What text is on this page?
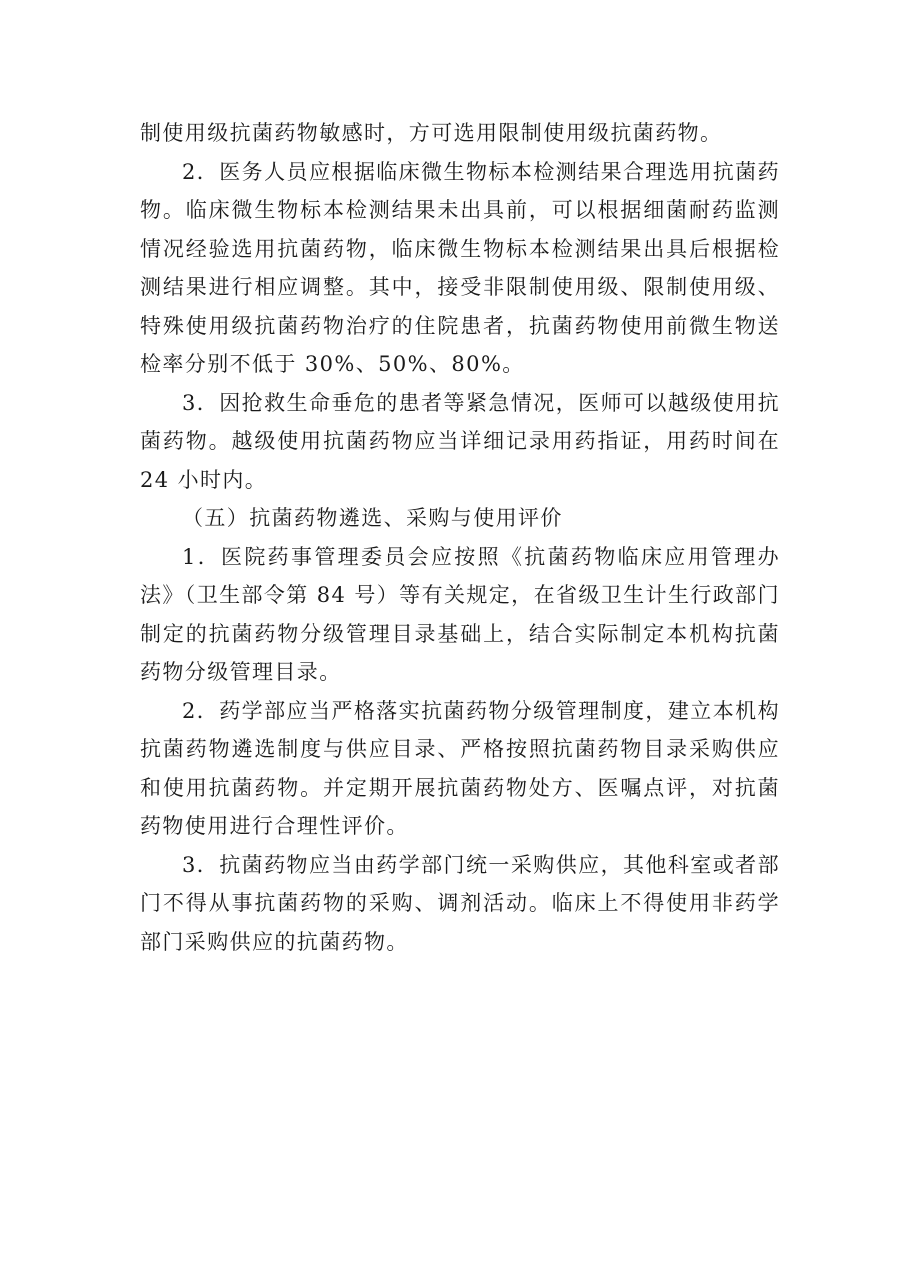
制使用级抗菌药物敏感时，方可选用限制使用级抗菌药物。

2．医务人员应根据临床微生物标本检测结果合理选用抗菌药物。临床微生物标本检测结果未出具前，可以根据细菌耐药监测情况经验选用抗菌药物，临床微生物标本检测结果出具后根据检测结果进行相应调整。其中，接受非限制使用级、限制使用级、特殊使用级抗菌药物治疗的住院患者，抗菌药物使用前微生物送检率分别不低于 30%、50%、80%。

3．因抢救生命垂危的患者等紧急情况，医师可以越级使用抗菌药物。越级使用抗菌药物应当详细记录用药指证，用药时间在 24 小时内。

（五）抗菌药物遴选、采购与使用评价

1．医院药事管理委员会应按照《抗菌药物临床应用管理办法》（卫生部令第 84 号）等有关规定，在省级卫生计生行政部门制定的抗菌药物分级管理目录基础上，结合实际制定本机构抗菌药物分级管理目录。

2．药学部应当严格落实抗菌药物分级管理制度，建立本机构抗菌药物遴选制度与供应目录、严格按照抗菌药物目录采购供应和使用抗菌药物。并定期开展抗菌药物处方、医嘱点评，对抗菌药物使用进行合理性评价。

3．抗菌药物应当由药学部门统一采购供应，其他科室或者部门不得从事抗菌药物的采购、调剂活动。临床上不得使用非药学部门采购供应的抗菌药物。
